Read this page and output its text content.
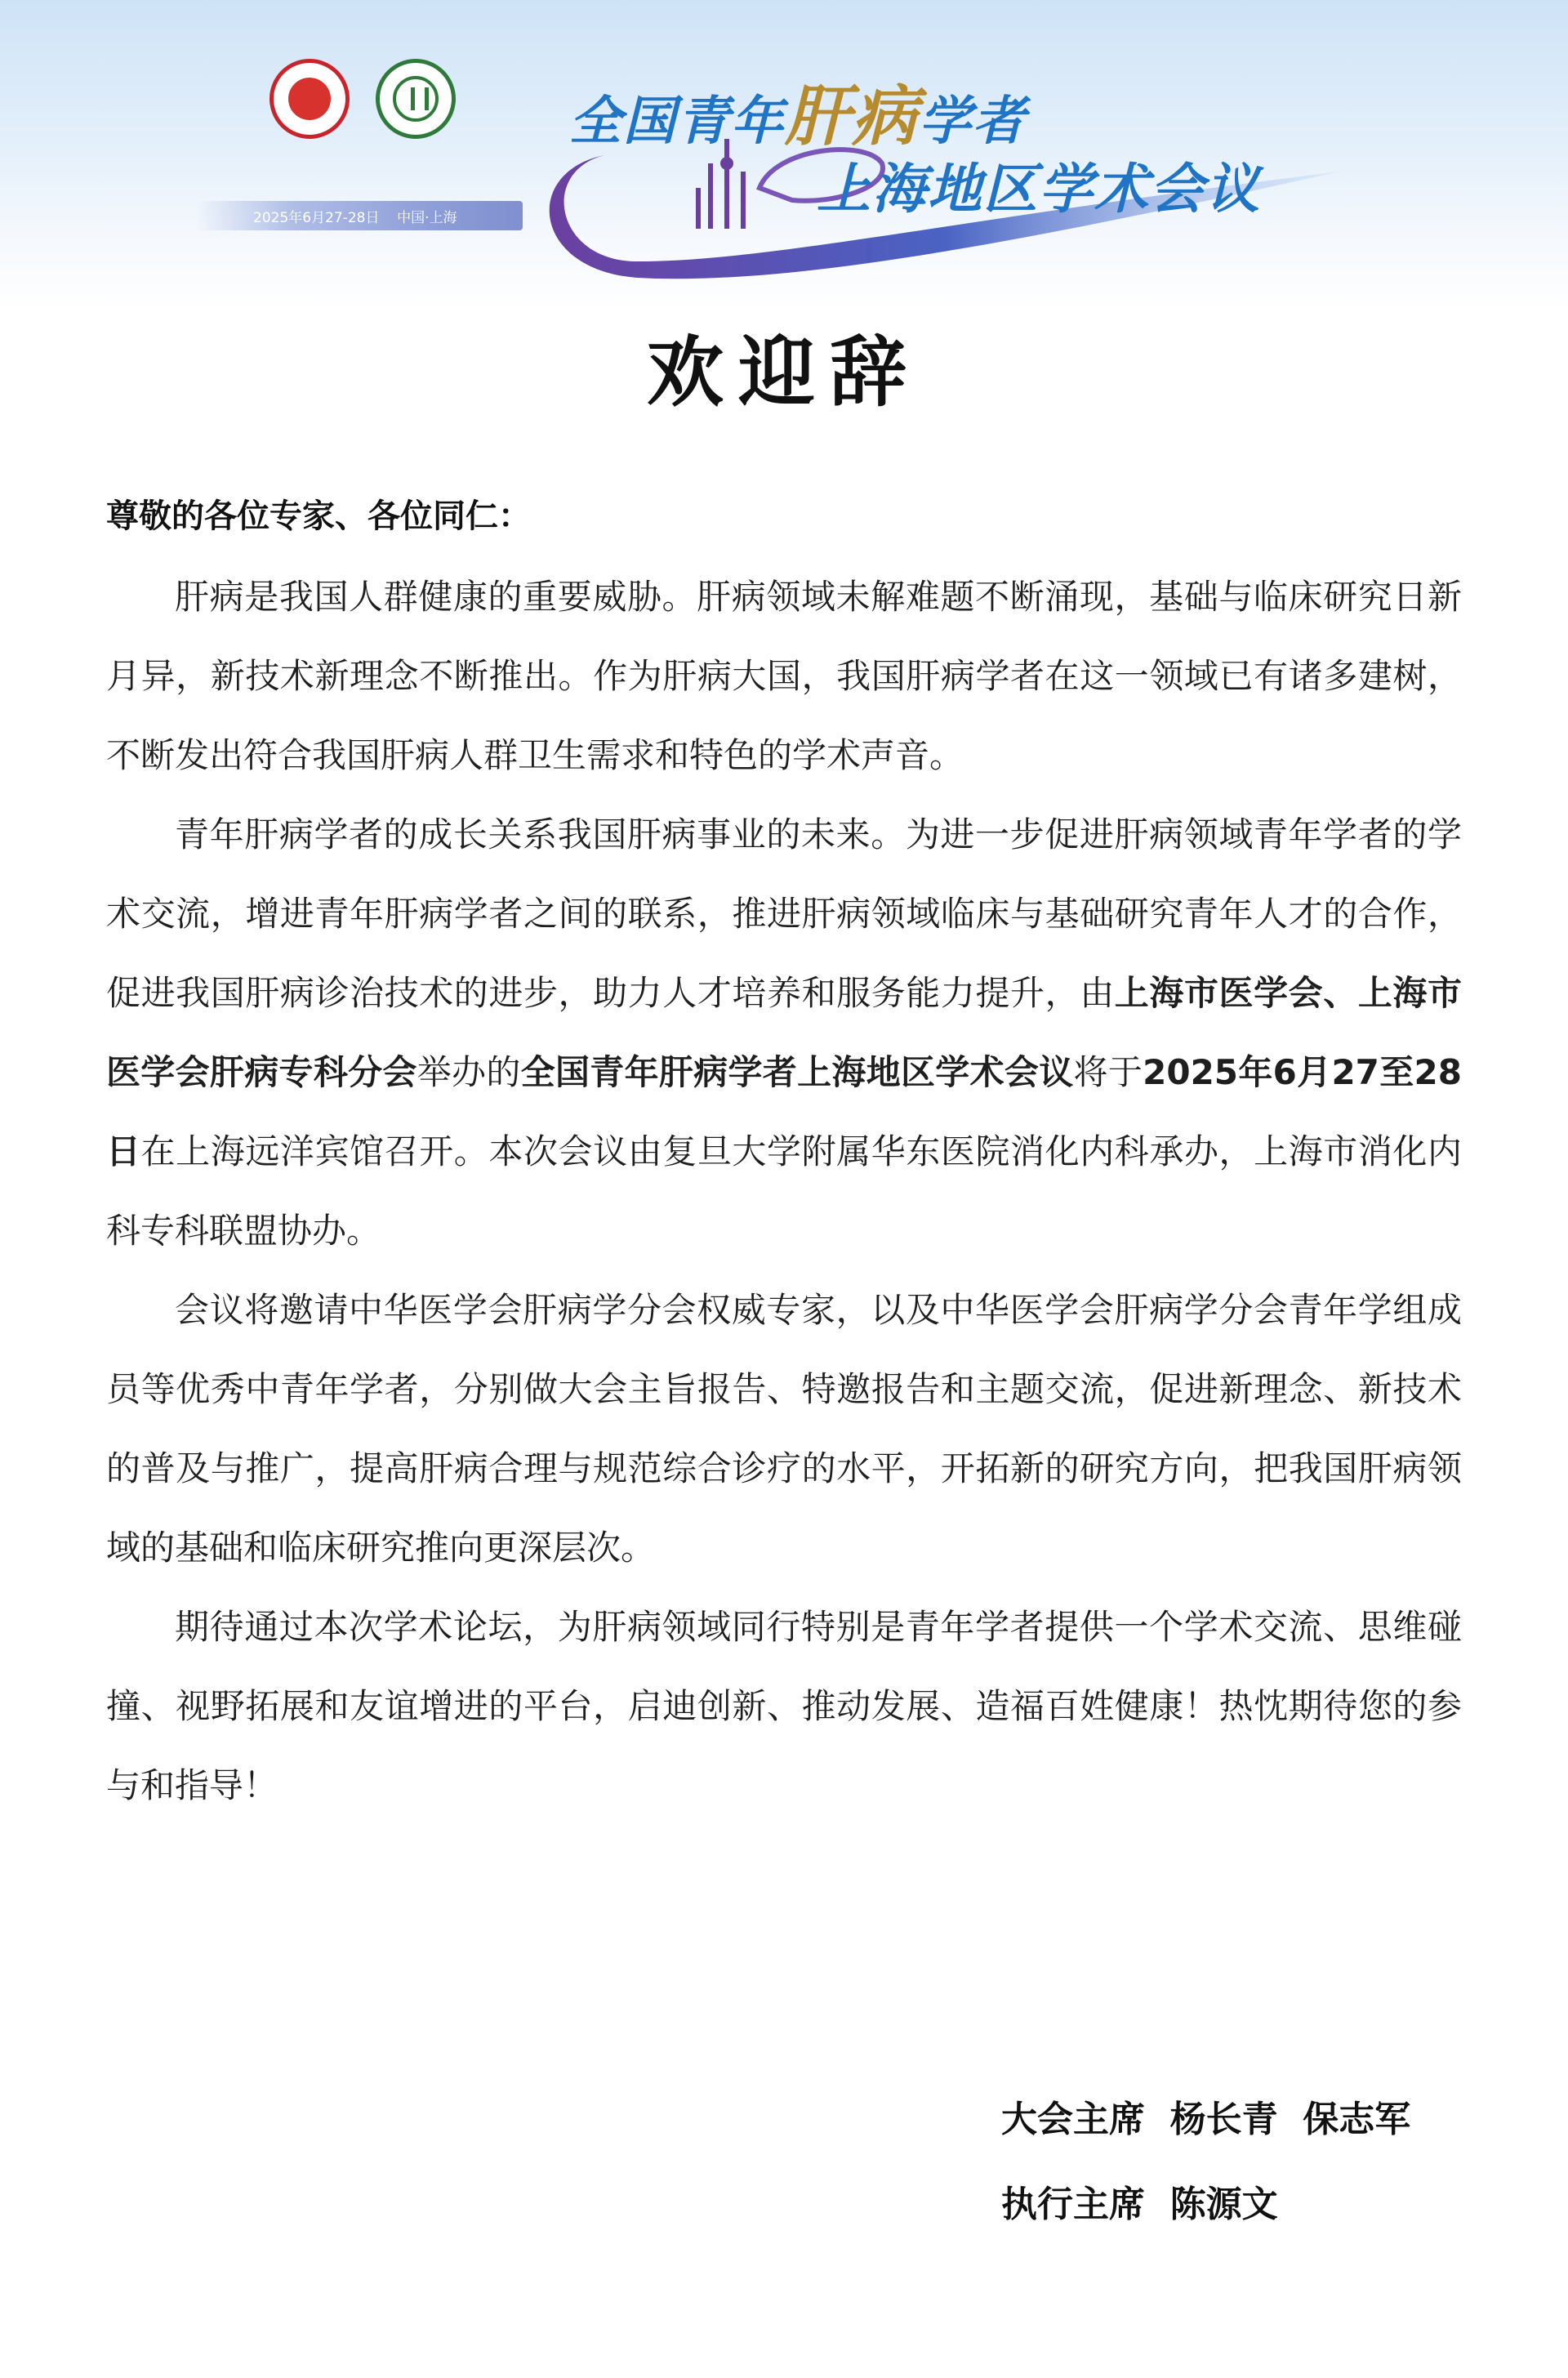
2025年6月27-28日    中国·上海
全国青年肝病学者
上海地区学术会议
欢迎辞
尊敬的各位专家、各位同仁：

肝病是我国人群健康的重要威胁。肝病领域未解难题不断涌现，基础与临床研究日新月异，新技术新理念不断推出。作为肝病大国，我国肝病学者在这一领域已有诸多建树，不断发出符合我国肝病人群卫生需求和特色的学术声音。

青年肝病学者的成长关系我国肝病事业的未来。为进一步促进肝病领域青年学者的学术交流，增进青年肝病学者之间的联系，推进肝病领域临床与基础研究青年人才的合作，促进我国肝病诊治技术的进步，助力人才培养和服务能力提升，由上海市医学会、上海市医学会肝病专科分会举办的全国青年肝病学者上海地区学术会议将于2025年6月27至28日在上海远洋宾馆召开。本次会议由复旦大学附属华东医院消化内科承办，上海市消化内科专科联盟协办。

会议将邀请中华医学会肝病学分会权威专家，以及中华医学会肝病学分会青年学组成员等优秀中青年学者，分别做大会主旨报告、特邀报告和主题交流，促进新理念、新技术的普及与推广，提高肝病合理与规范综合诊疗的水平，开拓新的研究方向，把我国肝病领域的基础和临床研究推向更深层次。

期待通过本次学术论坛，为肝病领域同行特别是青年学者提供一个学术交流、思维碰撞、视野拓展和友谊增进的平台，启迪创新、推动发展、造福百姓健康！热忱期待您的参与和指导！

大会主席  杨长青  保志军
执行主席  陈源文
